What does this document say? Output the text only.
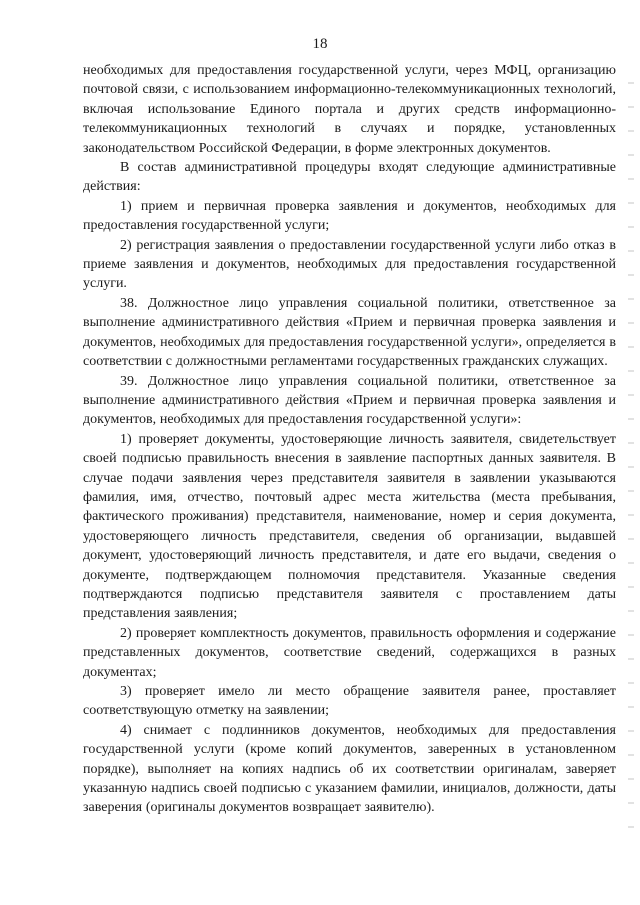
18

необходимых для предоставления государственной услуги, через МФЦ, организацию почтовой связи, с использованием информационно-телекоммуникационных технологий, включая использование Единого портала и других средств информационно-телекоммуникационных технологий в случаях и порядке, установленных законодательством Российской Федерации, в форме электронных документов.

В состав административной процедуры входят следующие административные действия:

1) прием и первичная проверка заявления и документов, необходимых для предоставления государственной услуги;

2) регистрация заявления о предоставлении государственной услуги либо отказ в приеме заявления и документов, необходимых для предоставления государственной услуги.

38. Должностное лицо управления социальной политики, ответственное за выполнение административного действия «Прием и первичная проверка заявления и документов, необходимых для предоставления государственной услуги», определяется в соответствии с должностными регламентами государственных гражданских служащих.

39. Должностное лицо управления социальной политики, ответственное за выполнение административного действия «Прием и первичная проверка заявления и документов, необходимых для предоставления государственной услуги»:

1) проверяет документы, удостоверяющие личность заявителя, свидетельствует своей подписью правильность внесения в заявление паспортных данных заявителя. В случае подачи заявления через представителя заявителя в заявлении указываются фамилия, имя, отчество, почтовый адрес места жительства (места пребывания, фактического проживания) представителя, наименование, номер и серия документа, удостоверяющего личность представителя, сведения об организации, выдавшей документ, удостоверяющий личность представителя, и дате его выдачи, сведения о документе, подтверждающем полномочия представителя. Указанные сведения подтверждаются подписью представителя заявителя с проставлением даты представления заявления;

2) проверяет комплектность документов, правильность оформления и содержание представленных документов, соответствие сведений, содержащихся в разных документах;

3) проверяет имело ли место обращение заявителя ранее, проставляет соответствующую отметку на заявлении;

4) снимает с подлинников документов, необходимых для предоставления государственной услуги (кроме копий документов, заверенных в установленном порядке), выполняет на копиях надпись об их соответствии оригиналам, заверяет указанную надпись своей подписью с указанием фамилии, инициалов, должности, даты заверения (оригиналы документов возвращает заявителю).
